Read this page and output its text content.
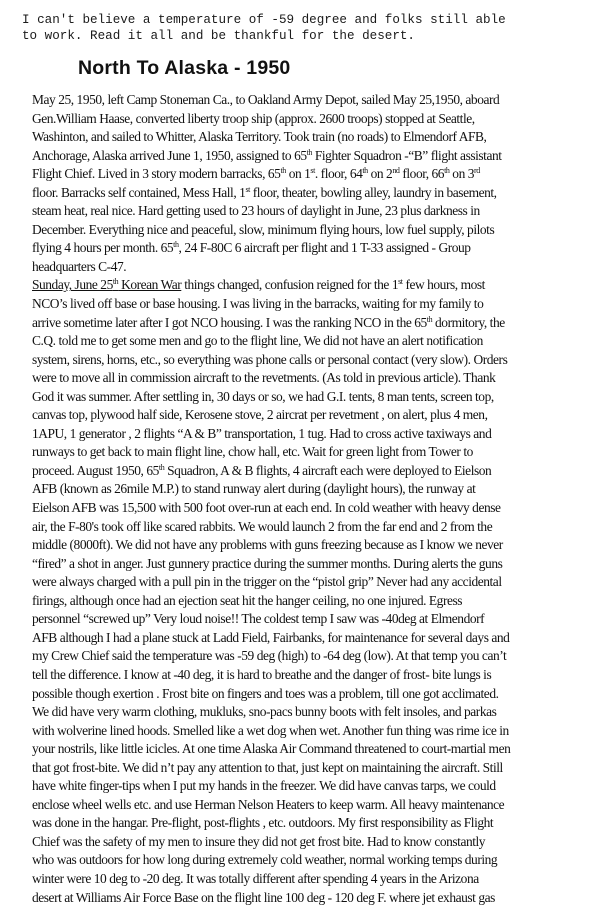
I can't believe a temperature of -59 degree and folks still able
to work. Read it all and be thankful for the desert.
North To Alaska - 1950
May 25, 1950, left Camp Stoneman Ca., to Oakland Army Depot, sailed May 25,1950, aboard
Gen.William Haase, converted liberty troop ship (approx. 2600 troops) stopped at Seattle,
Washinton, and sailed to Whitter, Alaska Territory. Took train (no roads) to Elmendorf AFB,
Anchorage, Alaska arrived June 1, 1950, assigned to 65th Fighter Squadron -“B” flight assistant
Flight Chief. Lived in 3 story modern barracks, 65th on 1st. floor, 64th on 2nd floor, 66th on 3rd
floor. Barracks self contained, Mess Hall, 1st floor, theater, bowling alley, laundry in basement,
steam heat, real nice. Hard getting used to 23 hours of daylight in June, 23 plus darkness in
December. Everything nice and peaceful, slow, minimum flying hours, low fuel supply, pilots
flying 4 hours per month. 65th, 24 F-80C 6 aircraft per flight and 1 T-33 assigned - Group
headquarters C-47.
Sunday, June 25th Korean War things changed, confusion reigned for the 1st few hours, most
NCO’s lived off base or base housing. I was living in the barracks, waiting for my family to
arrive sometime later after I got NCO housing. I was the ranking NCO in the 65th dormitory, the
C.Q. told me to get some men and go to the flight line, We did not have an alert notification
system, sirens, horns, etc., so everything was phone calls or personal contact (very slow). Orders
were to move all in commission aircraft to the revetments. (As told in previous article). Thank
God it was summer. After settling in, 30 days or so, we had G.I. tents, 8 man tents, screen top,
canvas top, plywood half side, Kerosene stove, 2 aircrat per revetment , on alert, plus 4 men,
1APU, 1 generator , 2 flights “A & B” transportation, 1 tug. Had to cross active taxiways and
runways to get back to main flight line, chow hall, etc. Wait for green light from Tower to
proceed. August 1950, 65th Squadron, A & B flights, 4 aircraft each were deployed to Eielson
AFB (known as 26mile M.P.) to stand runway alert during (daylight hours), the runway at
Eielson AFB was 15,500 with 500 foot over-run at each end. In cold weather with heavy dense
air, the F-80's took off like scared rabbits. We would launch 2 from the far end and 2 from the
middle (8000ft). We did not have any problems with guns freezing because as I know we never
“fired” a shot in anger. Just gunnery practice during the summer months. During alerts the guns
were always charged with a pull pin in the trigger on the “pistol grip” Never had any accidental
firings, although once had an ejection seat hit the hanger ceiling, no one injured. Egress
personnel “screwed up” Very loud noise!! The coldest temp I saw was -40deg at Elmendorf
AFB although I had a plane stuck at Ladd Field, Fairbanks, for maintenance for several days and
my Crew Chief said the temperature was -59 deg (high) to -64 deg (low). At that temp you can’t
tell the difference. I know at -40 deg, it is hard to breathe and the danger of frost- bite lungs is
possible though exertion . Frost bite on fingers and toes was a problem, till one got acclimated.
We did have very warm clothing, mukluks, sno-pacs bunny boots with felt insoles, and parkas
with wolverine lined hoods. Smelled like a wet dog when wet. Another fun thing was rime ice in
your nostrils, like little icicles. At one time Alaska Air Command threatened to court-martial men
that got frost-bite. We did n’t pay any attention to that, just kept on maintaining the aircraft. Still
have white finger-tips when I put my hands in the freezer. We did have canvas tarps, we could
enclose wheel wells etc. and use Herman Nelson Heaters to keep warm. All heavy maintenance
was done in the hangar. Pre-flight, post-flights , etc. outdoors. My first responsibility as Flight
Chief was the safety of my men to insure they did not get frost bite. Had to know constantly
who was outdoors for how long during extremely cold weather, normal working temps during
winter were 10 deg to -20 deg. It was totally different after spending 4 years in the Arizona
desert at Williams Air Force Base on the flight line 100 deg - 120 deg F. where jet exhaust gas
